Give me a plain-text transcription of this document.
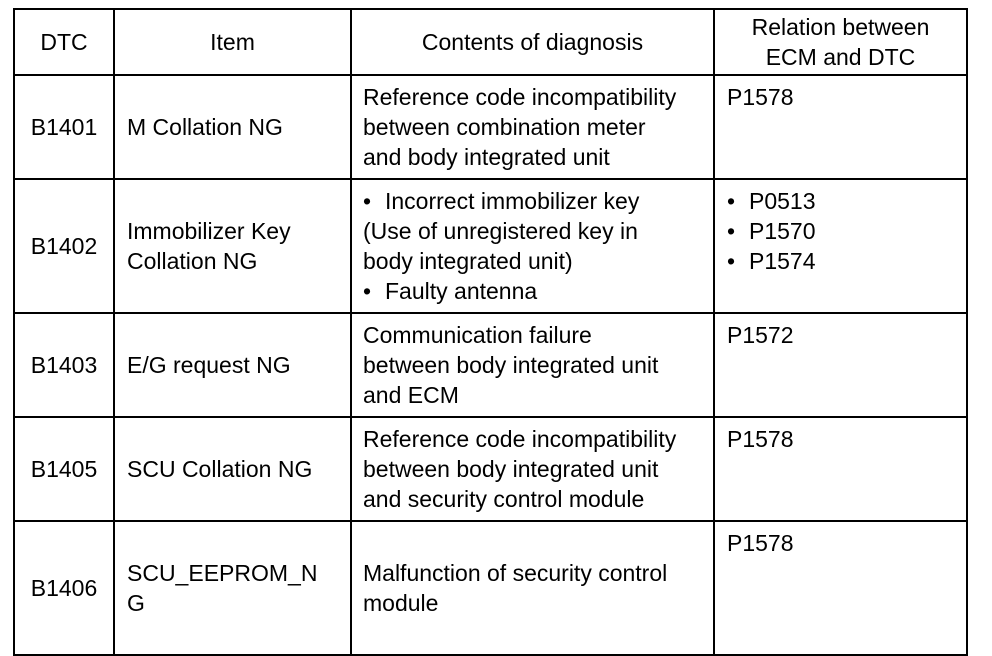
DTC	Item	Contents of diagnosis	Relation between
ECM and DTC

B1401	M Collation NG	Reference code incompatibility
between combination meter
and body integrated unit	P1578

B1402	Immobilizer Key
Collation NG	• Incorrect immobilizer key
(Use of unregistered key in
body integrated unit)
• Faulty antenna	• P0513
• P1570
• P1574

B1403	E/G request NG	Communication failure
between body integrated unit
and ECM	P1572

B1405	SCU Collation NG	Reference code incompatibility
between body integrated unit
and security control module	P1578

B1406	SCU_EEPROM_N
G	Malfunction of security control
module	P1578
